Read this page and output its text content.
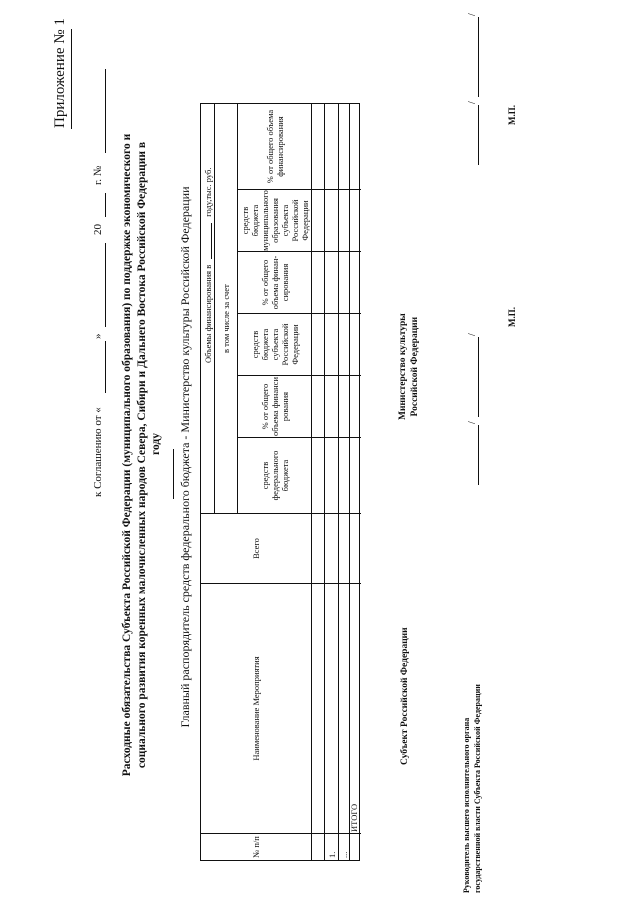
Приложение № 1
к Соглашению от «
»
20
г. № Расходные обязательства Субъекта Российской Федерации (муниципального образования) по поддержке экономического и социального развития коренных малочисленных народов Севера, Сибири и Дальнего Востока Российской Федерации в году Главный распорядитель средств федерального бюджета - Министерство культуры Российской Федерации
№ п/п
Наименование Мероприятия
Всего
Объемы финансирования в
году,тыс. руб.
в том числе за счет
средств федерального бюджета
% от общего объема финанси рования
средств бюджета субъекта Российской Федерации
% от общего объема финан- сирования
средств бюджета муниципального образования субъекта Российской Федерации
% от общего объема финансирования
1. ...
ИТОГО
Министерство культуры Российской Федерации
Субъект Российской Федерации
Руководитель высшего исполнительного органа государственной власти Субъекта Российской Федерации
/
/
М.П.
/
/
М.П.
